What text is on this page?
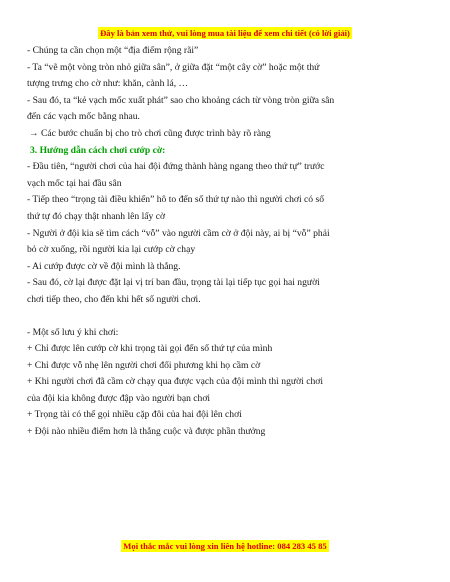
Đây là bản xem thử, vui lòng mua tài liệu để xem chi tiết (có lời giải)

- Chúng ta cần chọn một “địa điểm rộng rãi”

- Ta “vẽ một vòng tròn nhỏ giữa sân”, ở giữa đặt “một cây cờ” hoặc một thứ

tượng trưng cho cờ như: khăn, cành lá, …

- Sau đó, ta “kẻ vạch mốc xuất phát” sao cho khoảng cách từ vòng tròn giữa sân

đến các vạch mốc bằng nhau.

→ Các bước chuẩn bị cho trò chơi cũng được trình bày rõ ràng

3. Hướng dẫn cách chơi cướp cờ:

- Đầu tiên, “người chơi của hai đội đứng thành hàng ngang theo thứ tự” trước

vạch mốc tại hai đầu sân

- Tiếp theo “trọng tài điều khiển” hô to đến số thứ tự nào thì người chơi có số

thứ tự đó chạy thật nhanh lên lấy cờ

- Người ở đội kia sẽ tìm cách “vỗ” vào người cầm cờ ở đội này, ai bị “vỗ” phải

bỏ cờ xuống, rồi người kia lại cướp cờ chạy

- Ai cướp được cờ về đội mình là thắng.

- Sau đó, cờ lại được đặt lại vị trí ban đầu, trọng tài lại tiếp tục gọi hai người

chơi tiếp theo, cho đến khi hết số người chơi.

- Một số lưu ý khi chơi:

+ Chỉ được lên cướp cờ khi trọng tài gọi đến số thứ tự của mình

+ Chỉ được vỗ nhẹ lên người chơi đối phương khi họ cầm cờ

+ Khi người chơi đã cầm cờ chạy qua được vạch của đội mình thì người chơi

của đội kia không được đập vào người bạn chơi

+ Trọng tài có thể gọi nhiều cặp đôi của hai đội lên chơi

+ Đội nào nhiều điểm hơn là thắng cuộc và được phần thưởng

Mọi thắc mắc vui lòng xin liên hệ hotline: 084 283 45 85
